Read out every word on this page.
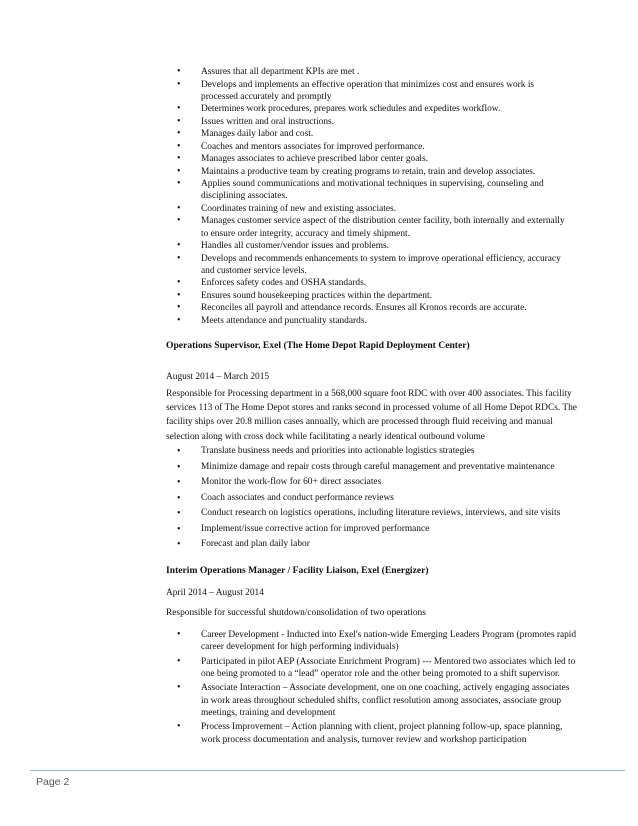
• Assures that all department KPIs are met .
• Develops and implements an effective operation that minimizes cost and ensures work is processed accurately and promptly
• Determines work procedures, prepares work schedules and expedites workflow.
• Issues written and oral instructions.
• Manages daily labor and cost.
• Coaches and mentors associates for improved performance.
• Manages associates to achieve prescribed labor center goals.
• Maintains a productive team by creating programs to retain, train and develop associates.
• Applies sound communications and motivational techniques in supervising, counseling and disciplining associates.
• Coordinates training of new and existing associates.
• Manages customer service aspect of the distribution center facility, both internally and externally to ensure order integrity, accuracy and timely shipment.
• Handles all customer/vendor issues and problems.
• Develops and recommends enhancements to system to improve operational efficiency, accuracy and customer service levels.
• Enforces safety codes and OSHA standards.
• Ensures sound housekeeping practices within the department.
• Reconciles all payroll and attendance records. Ensures all Kronos records are accurate.
• Meets attendance and punctuality standards.
Operations Supervisor, Exel (The Home Depot Rapid Deployment Center)
August 2014 – March 2015
Responsible for Processing department in a 568,000 square foot RDC with over 400 associates. This facility services 113 of The Home Depot stores and ranks second in processed volume of all Home Depot RDCs. The facility ships over 20.8 million cases annually, which are processed through fluid receiving and manual selection along with cross dock while facilitating a nearly identical outbound volume
• Translate business needs and priorities into actionable logistics strategies
• Minimize damage and repair costs through careful management and preventative maintenance
• Monitor the work-flow for 60+ direct associates
• Coach associates and conduct performance reviews
• Conduct research on logistics operations, including literature reviews, interviews, and site visits
• Implement/issue corrective action for improved performance
• Forecast and plan daily labor
Interim Operations Manager / Facility Liaison, Exel (Energizer)
April 2014 – August 2014
Responsible for successful shutdown/consolidation of two operations
• Career Development - Inducted into Exel's nation-wide Emerging Leaders Program (promotes rapid career development for high performing individuals)
• Participated in pilot AEP (Associate Enrichment Program) --- Mentored two associates which led to one being promoted to a “lead” operator role and the other being promoted to a shift supervisor.
• Associate Interaction – Associate development, one on one coaching, actively engaging associates in work areas throughout scheduled shifts, conflict resolution among associates, associate group meetings, training and development
• Process Improvement – Action planning with client, project planning follow-up, space planning, work process documentation and analysis, turnover review and workshop participation
Page 2
